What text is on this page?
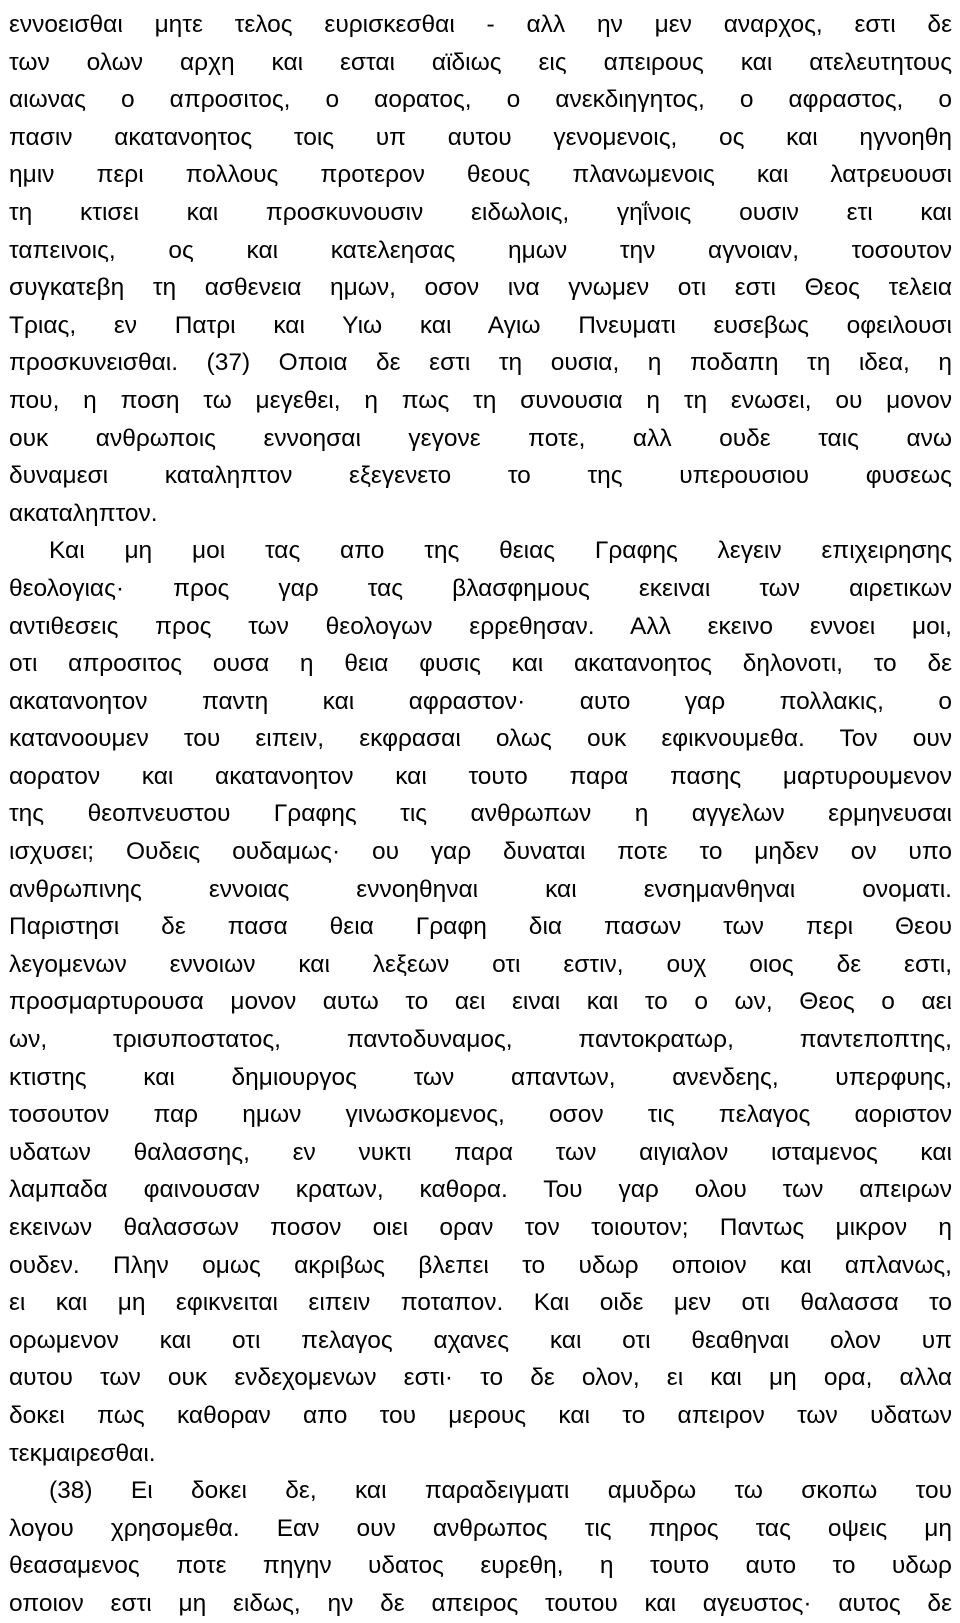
εννοεισθαι μητε τελος ευρισκεσθαι - αλλ ην μεν αναρχος, εστι δε
των ολων αρχη και εσται αϊδιως εις απειρους και ατελευτητους
αιωνας ο απροσιτος, ο αορατος, ο ανεκδιηγητος, ο αφραστος, ο
πασιν ακατανοητος τοις υπ αυτου γενομενοις, ος και ηγνοηθη
ημιν περι πολλους προτερον θεους πλανωμενοις και λατρευουσι
τη κτισει και προσκυνουσιν ειδωλοις, γηΐνοις ουσιν ετι και
ταπεινοις, ος και κατελεησας ημων την αγνοιαν, τοσουτον
συγκατεβη τη ασθενεια ημων, οσον ινα γνωμεν οτι εστι Θεος τελεια
Τριας, εν Πατρι και Υιω και Αγιω Πνευματι ευσεβως οφειλουσι
προσκυνεισθαι. (37) Οποια δε εστι τη ουσια, η ποδαπη τη ιδεα, η
που, η ποση τω μεγεθει, η πως τη συνουσια η τη ενωσει, ου μονον
ουκ ανθρωποις εννοησαι γεγονε ποτε, αλλ ουδε ταις ανω
δυναμεσι καταληπτον εξεγενετο το της υπερουσιου φυσεως
ακαταληπτον.
Και μη μοι τας απο της θειας Γραφης λεγειν επιχειρησης
θεολογιας· προς γαρ τας βλασφημους εκειναι των αιρετικων
αντιθεσεις προς των θεολογων ερρεθησαν. Αλλ εκεινο εννοει μοι,
οτι απροσιτος ουσα η θεια φυσις και ακατανοητος δηλονοτι, το δε
ακατανοητον παντη και αφραστον· αυτο γαρ πολλακις, ο
κατανοουμεν του ειπειν, εκφρασαι ολως ουκ εφικνουμεθα. Τον ουν
αορατον και ακατανοητον και τουτο παρα πασης μαρτυρουμενον
της θεοπνευστου Γραφης τις ανθρωπων η αγγελων ερμηνευσαι
ισχυσει; Ουδεις ουδαμως· ου γαρ δυναται ποτε το μηδεν ον υπο
ανθρωπινης εννοιας εννοηθηναι και ενσημανθηναι ονοματι.
Παριστησι δε πασα θεια Γραφη δια πασων των περι Θεου
λεγομενων εννοιων και λεξεων οτι εστιν, ουχ οιος δε εστι,
προσμαρτυρουσα μονον αυτω το αει ειναι και το ο ων, Θεος ο αει
ων, τρισυποστατος, παντοδυναμος, παντοκρατωρ, παντεποπτης,
κτιστης και δημιουργος των απαντων, ανενδεης, υπερφυης,
τοσουτον παρ ημων γινωσκομενος, οσον τις πελαγος αοριστον
υδατων θαλασσης, εν νυκτι παρα των αιγιαλον ισταμενος και
λαμπαδα φαινουσαν κρατων, καθορα. Του γαρ ολου των απειρων
εκεινων θαλασσων ποσον οιει οραν τον τοιουτον; Παντως μικρον η
ουδεν. Πλην ομως ακριβως βλεπει το υδωρ οποιον και απλανως,
ει και μη εφικνειται ειπειν ποταπον. Και οιδε μεν οτι θαλασσα το
ορωμενον και οτι πελαγος αχανες και οτι θεαθηναι ολον υπ
αυτου των ουκ ενδεχομενων εστι· το δε ολον, ει και μη ορα, αλλα
δοκει πως καθοραν απο του μερους και το απειρον των υδατων
τεκμαιρεσθαι.
(38) Ει δοκει δε, και παραδειγματι αμυδρω τω σκοπω του
λογου χρησομεθα. Εαν ουν ανθρωπος τις πηρος τας οψεις μη
θεασαμενος ποτε πηγην υδατος ευρεθη, η τουτο αυτο το υδωρ
οποιον εστι μη ειδως, ην δε απειρος τουτου και αγευστος· αυτος δε
